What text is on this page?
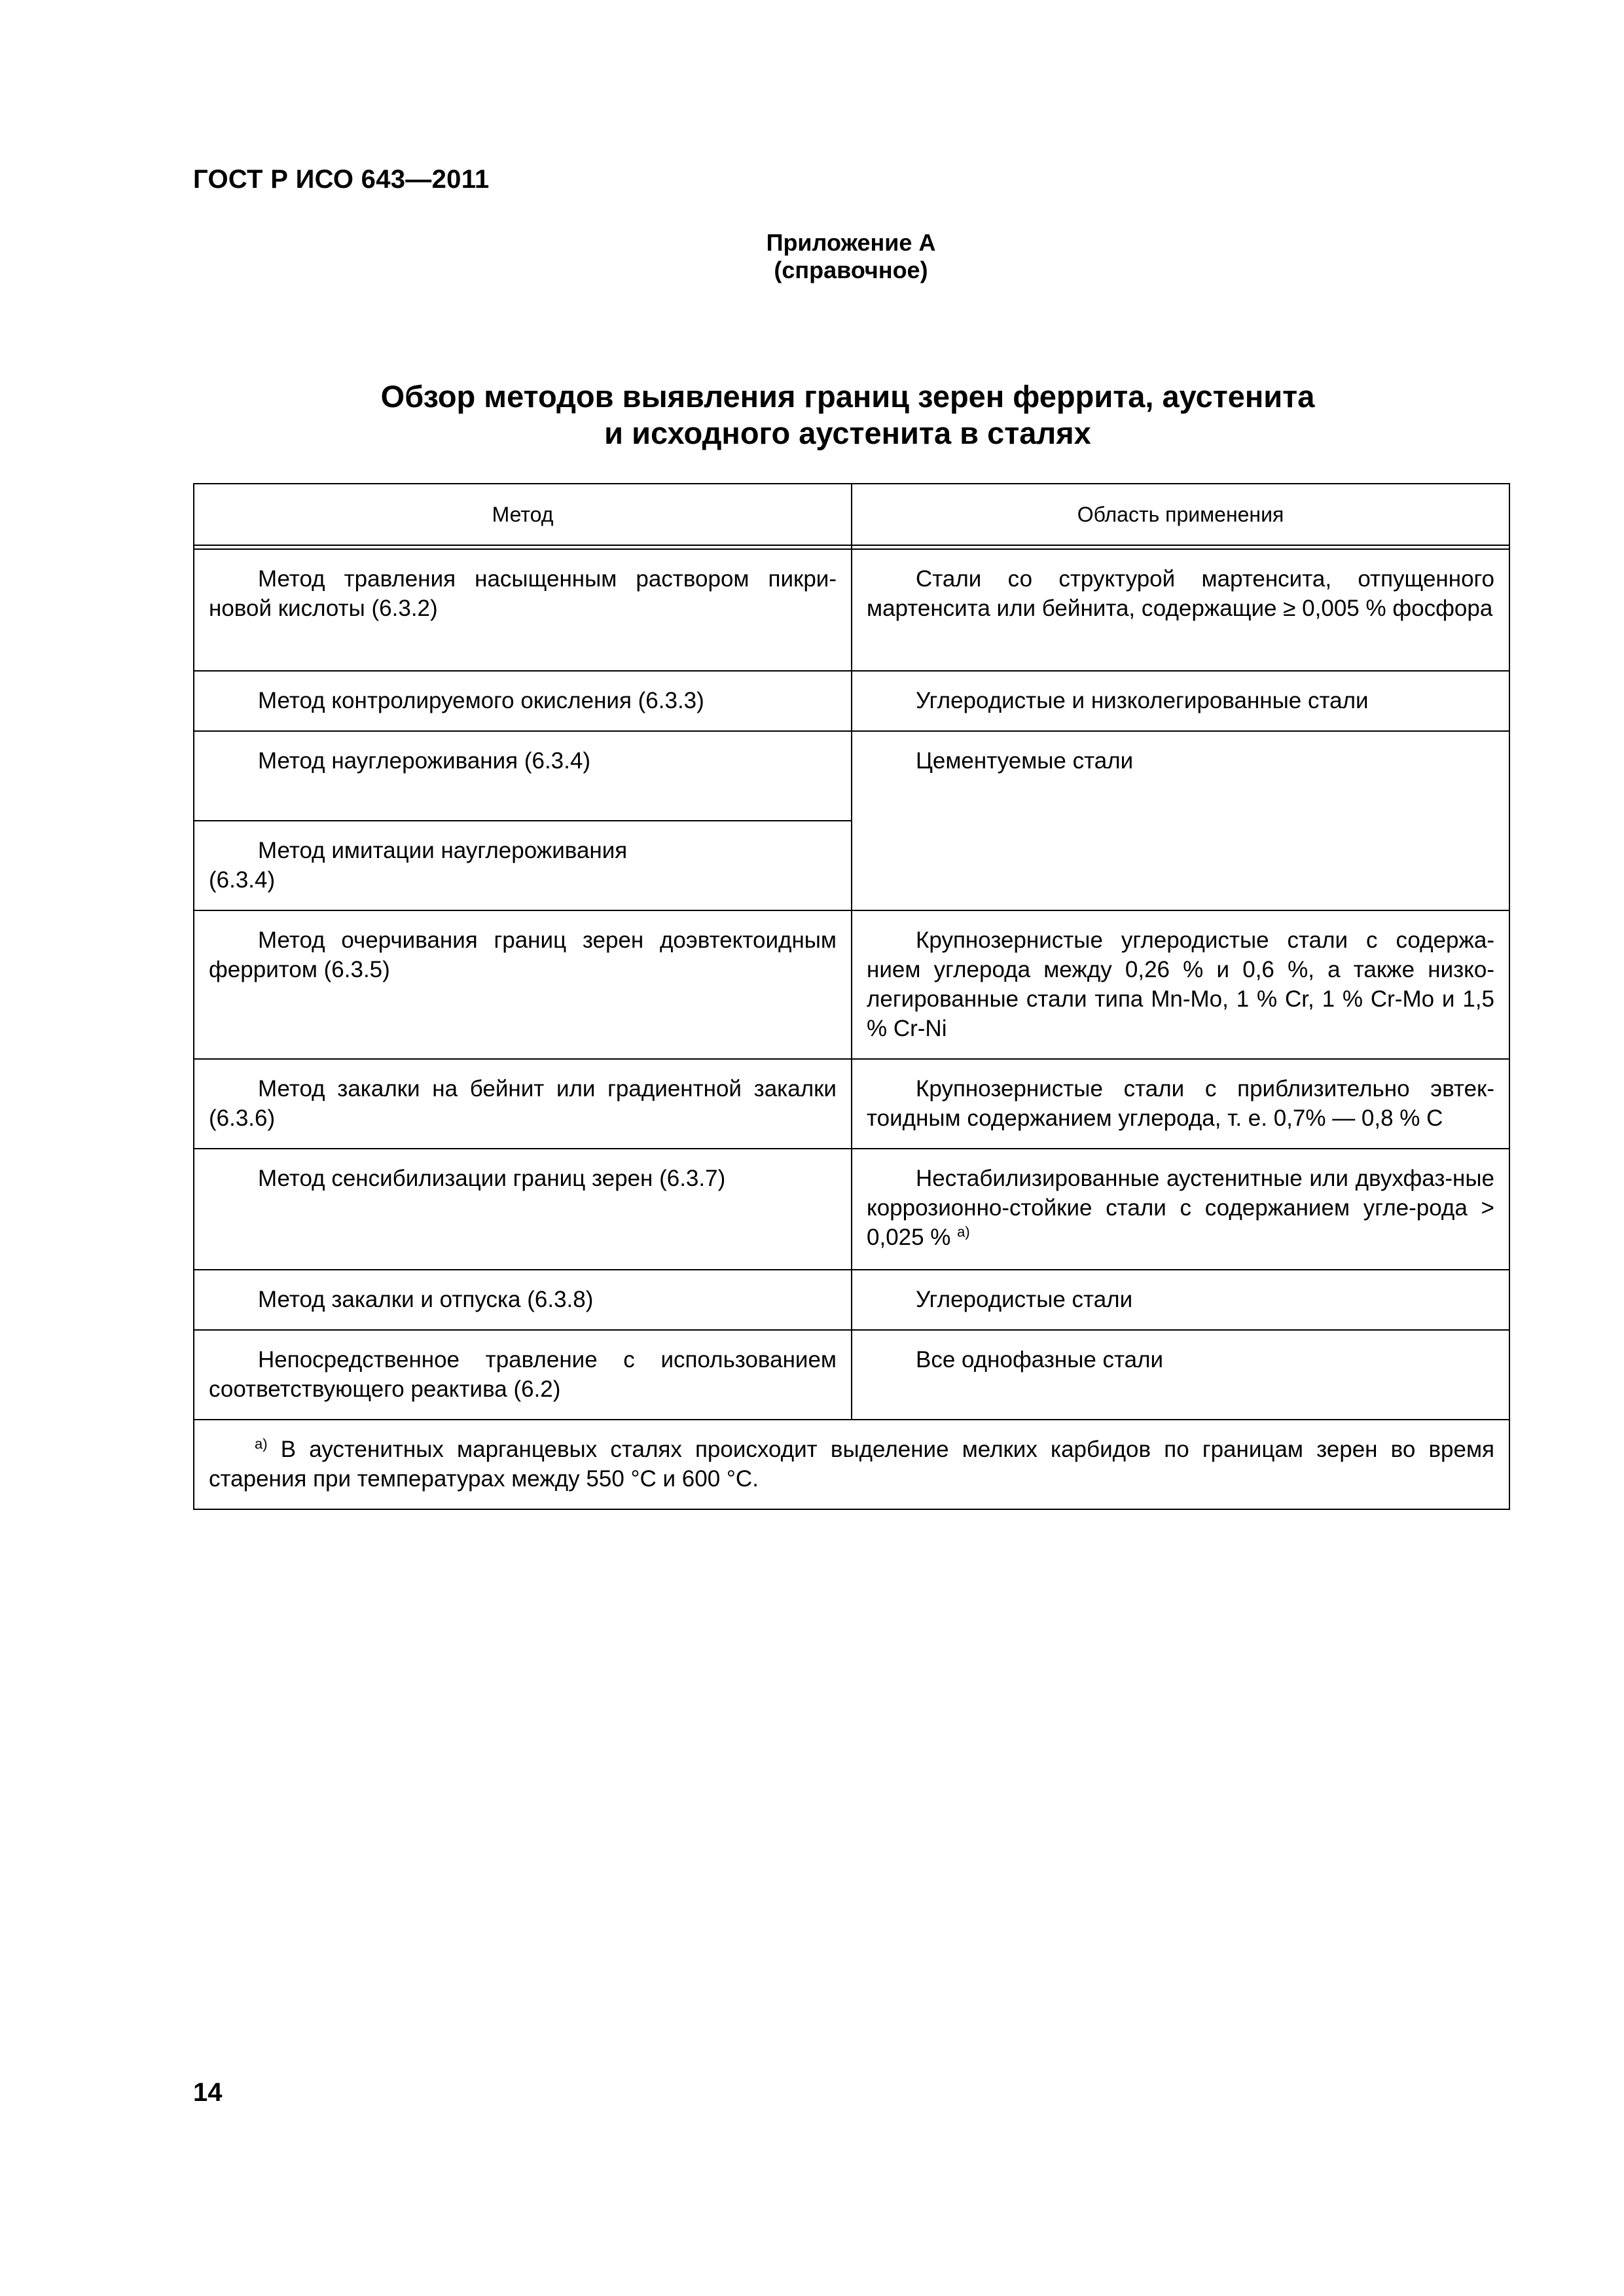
ГОСТ Р ИСО 643—2011
Приложение А
(справочное)
Обзор методов выявления границ зерен феррита, аустенита
и исходного аустенита в сталях
Метод	Область применения

Метод травления насыщенным раствором пикри-новой кислоты (6.3.2)	Стали со структурой мартенсита, отпущенного мартенсита или бейнита, содержащие ≥ 0,005 % фосфора

Метод контролируемого окисления (6.3.3)	Углеродистые и низколегированные стали

Метод науглероживания (6.3.4)	Цементуемые стали

Метод имитации науглероживания
(6.3.4)	

Метод очерчивания границ зерен доэвтектоидным ферритом (6.3.5)	Крупнозернистые углеродистые стали с содержа-нием углерода между 0,26 % и 0,6 %, а также низко-легированные стали типа Mn-Mo, 1 % Cr, 1 % Cr-Mo и 1,5 % Cr-Ni

Метод закалки на бейнит или градиентной закалки (6.3.6)	Крупнозернистые стали с приблизительно эвтек-тоидным содержанием углерода, т. е. 0,7% — 0,8 % С

Метод сенсибилизации границ зерен (6.3.7)	Нестабилизированные аустенитные или двухфаз-ные коррозионно-стойкие стали с содержанием угле-рода > 0,025 % $^{a)}$

Метод закалки и отпуска (6.3.8)	Углеродистые стали

Непосредственное травление с использованием соответствующего реактива (6.2)	Все однофазные стали

$^{a)}$ В аустенитных марганцевых сталях происходит выделение мелких карбидов по границам зерен во время старения при температурах между 550 °С и 600 °С.	
14
